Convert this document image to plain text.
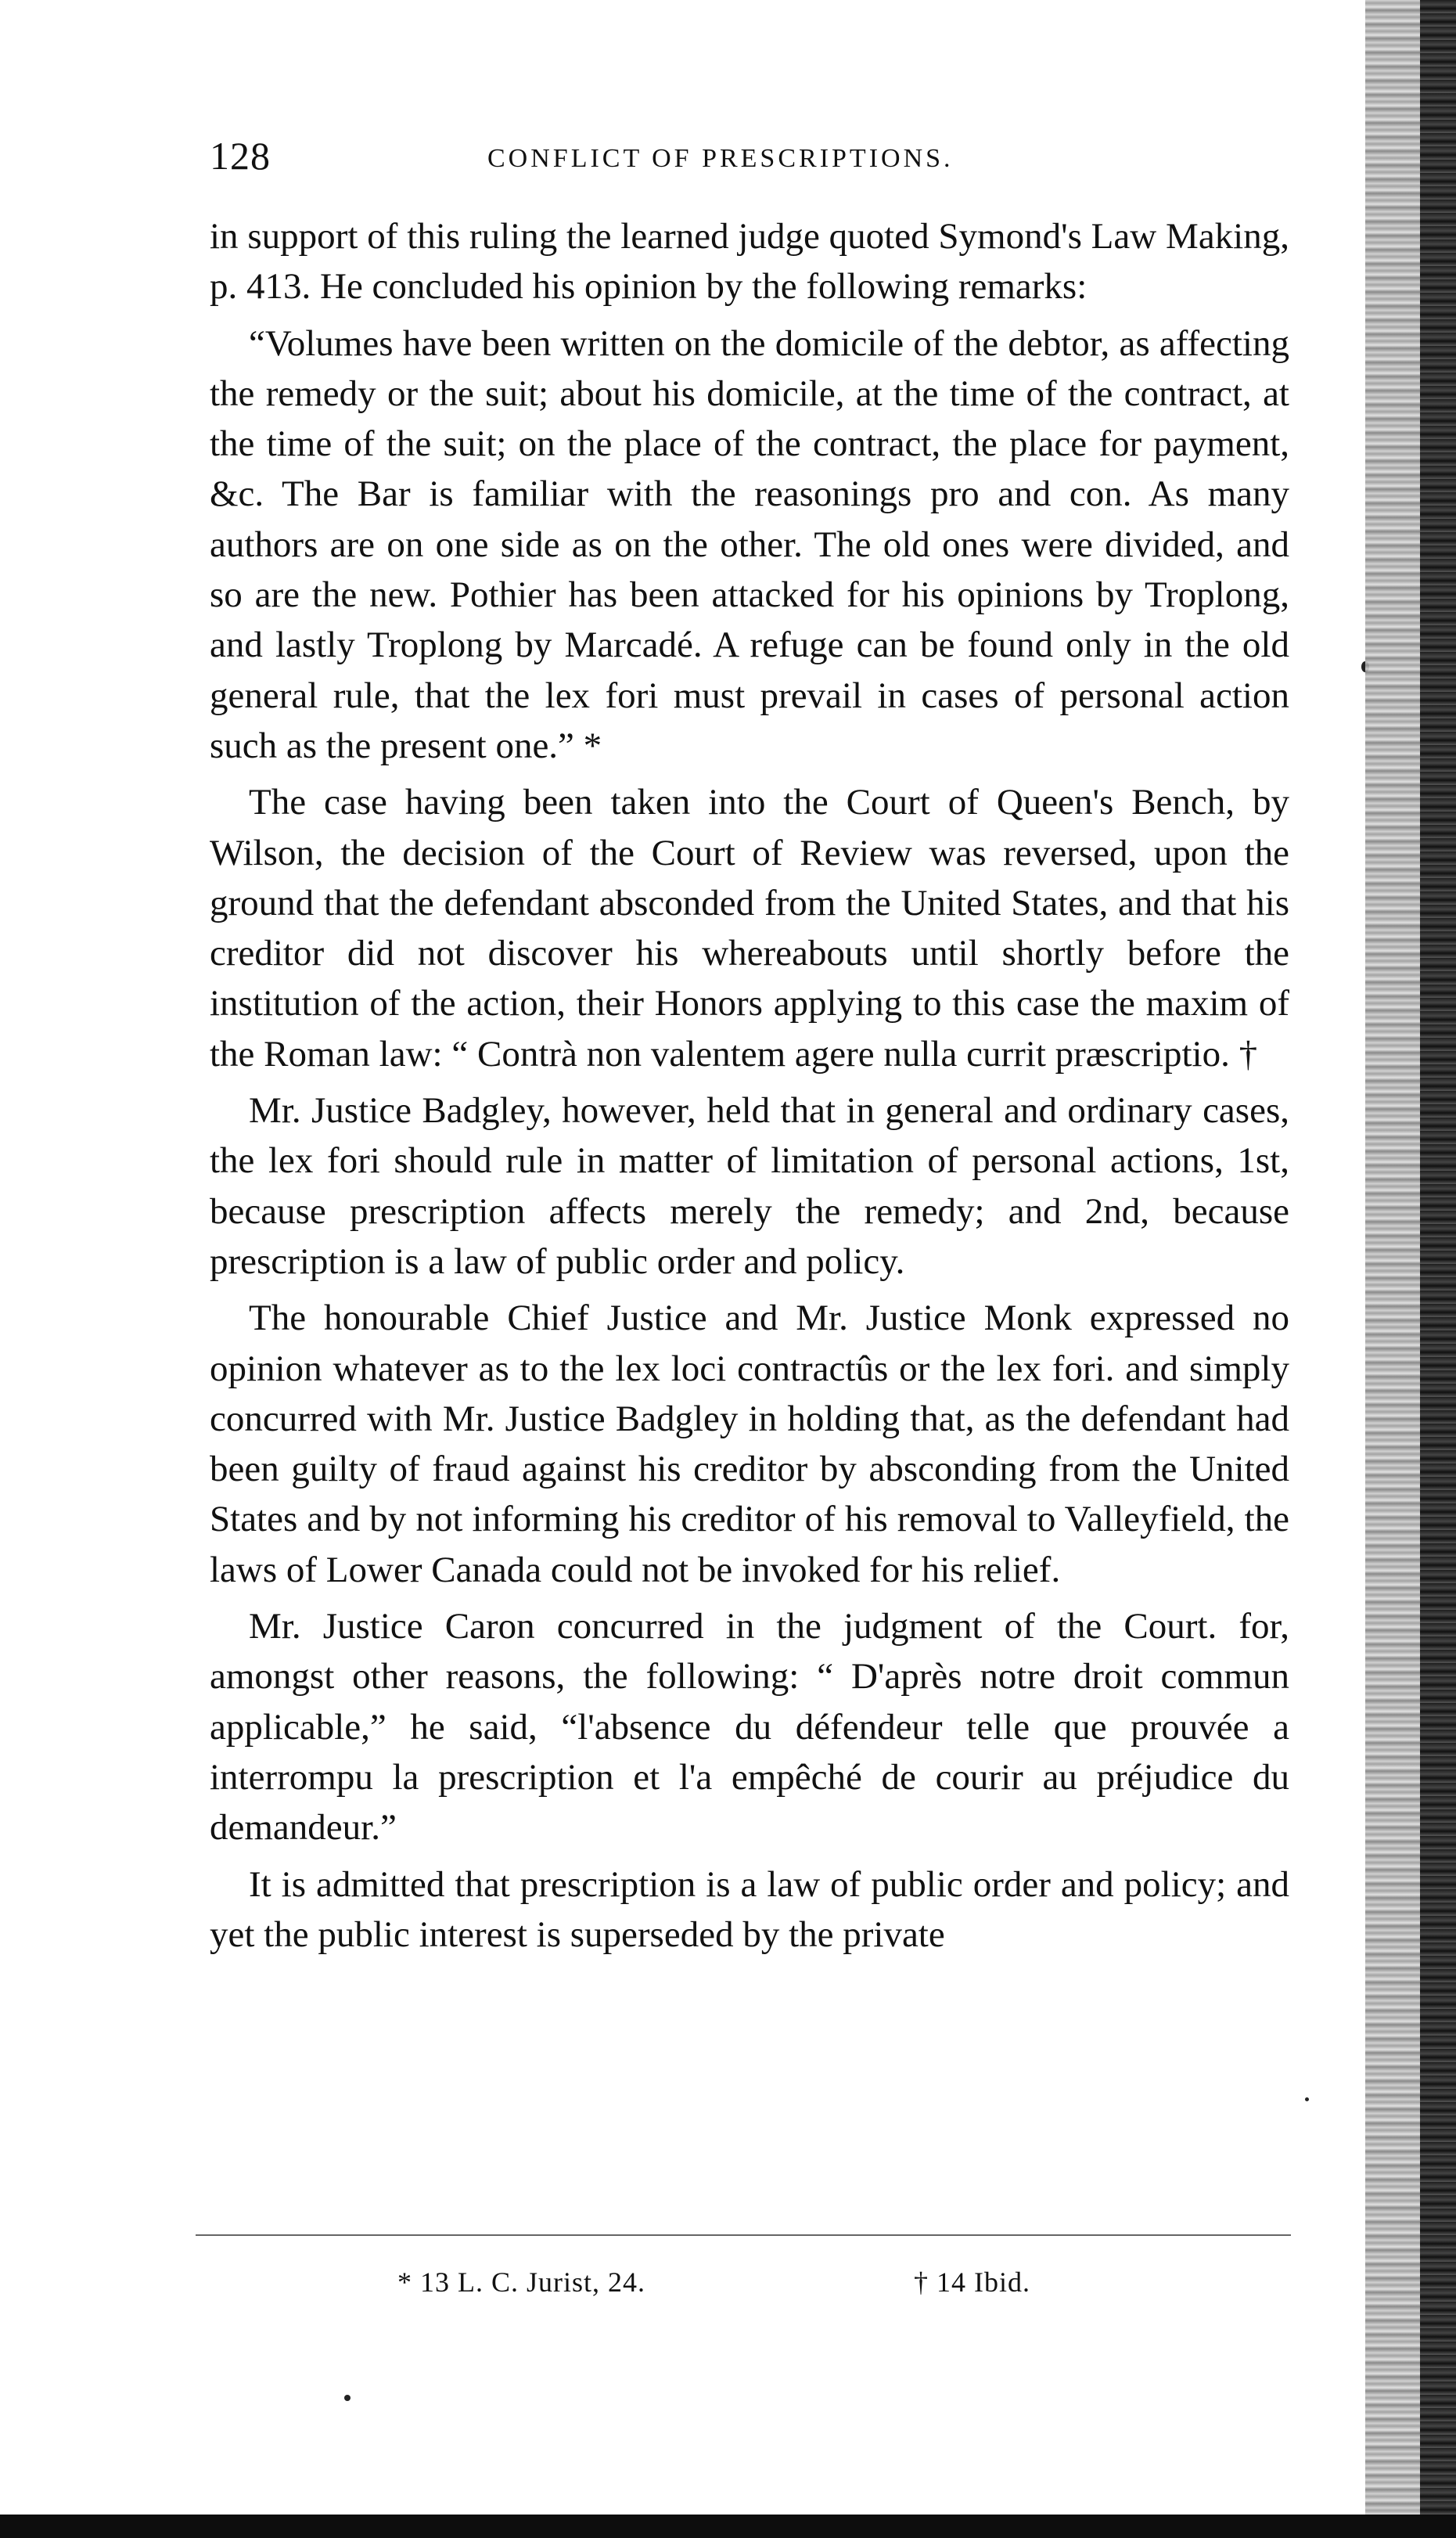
128	CONFLICT OF PRESCRIPTIONS.

in support of this ruling the learned judge quoted Symond's Law Making, p. 413. He concluded his opinion by the following remarks:

“Volumes have been written on the domicile of the debtor, as affecting the remedy or the suit; about his domicile, at the time of the contract, at the time of the suit; on the place of the contract, the place for payment, &c. The Bar is familiar with the reasonings pro and con. As many authors are on one side as on the other. The old ones were divided, and so are the new. Pothier has been attacked for his opinions by Troplong, and lastly Troplong by Marcadé. A refuge can be found only in the old general rule, that the lex fori must prevail in cases of personal action such as the present one.” *

The case having been taken into the Court of Queen's Bench, by Wilson, the decision of the Court of Review was reversed, upon the ground that the defendant absconded from the United States, and that his creditor did not discover his whereabouts until shortly before the institution of the action, their Honors applying to this case the maxim of the Roman law: “ Contrà non valentem agere nulla currit præscriptio. †

Mr. Justice Badgley, however, held that in general and ordinary cases, the lex fori should rule in matter of limitation of personal actions, 1st, because prescription affects merely the remedy; and 2nd, because prescription is a law of public order and policy.

The honourable Chief Justice and Mr. Justice Monk expressed no opinion whatever as to the lex loci contractûs or the lex fori. and simply concurred with Mr. Justice Badgley in holding that, as the defendant had been guilty of fraud against his creditor by absconding from the United States and by not informing his creditor of his removal to Valleyfield, the laws of Lower Canada could not be invoked for his relief.

Mr. Justice Caron concurred in the judgment of the Court. for, amongst other reasons, the following: “ D'après notre droit commun applicable,” he said, “l'absence du défendeur telle que prouvée a interrompu la prescription et l'a empêché de courir au préjudice du demandeur.”

It is admitted that prescription is a law of public order and policy; and yet the public interest is superseded by the private

* 13 L. C. Jurist, 24.	† 14 Ibid.
